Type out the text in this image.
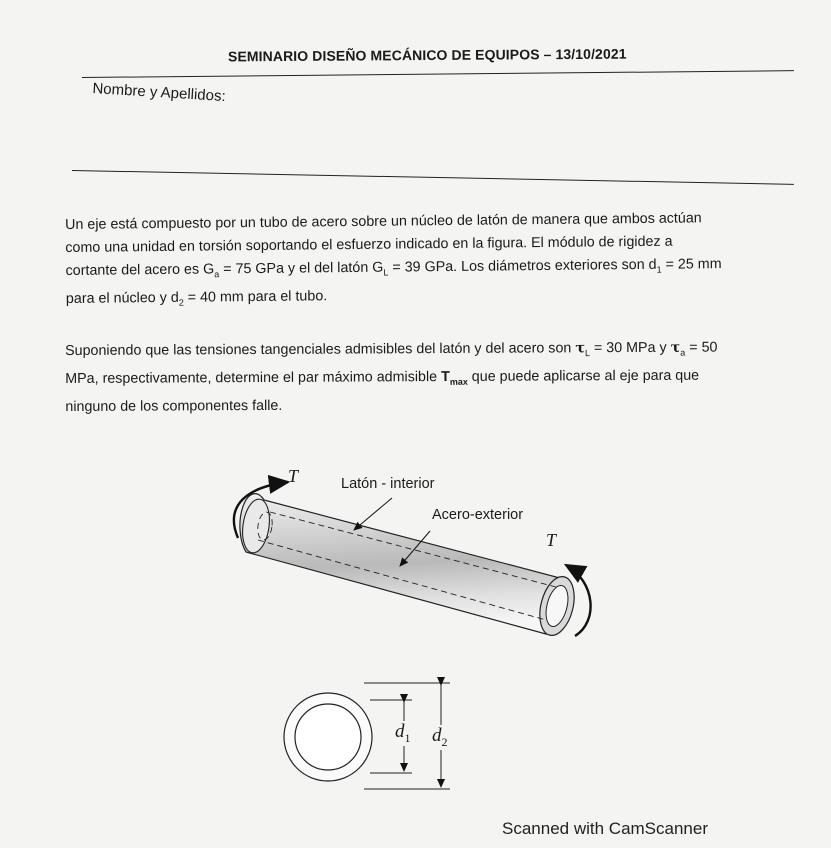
SEMINARIO DISEÑO MECÁNICO DE EQUIPOS – 13/10/2021
Nombre y Apellidos:
Un eje está compuesto por un tubo de acero sobre un núcleo de latón de manera que ambos actúan
como una unidad en torsión soportando el esfuerzo indicado en la figura. El módulo de rigidez a
cortante del acero es $G_a = 75$ GPa y el del latón $G_L = 39$ GPa. Los diámetros exteriores son $d_1 = 25$ mm
para el núcleo y $d_2 = 40$ mm para el tubo.
Suponiendo que las tensiones tangenciales admisibles del latón y del acero son $\tau_L = 30$ MPa y $\tau_a = 50$
MPa, respectivamente, determine el par máximo admisible $T_{max}$ que puede aplicarse al eje para que
ninguno de los componentes falle.
Latón - interior
Acero-exterior
T
T
$d_1$ $d_2$
Scanned with CamScanner
